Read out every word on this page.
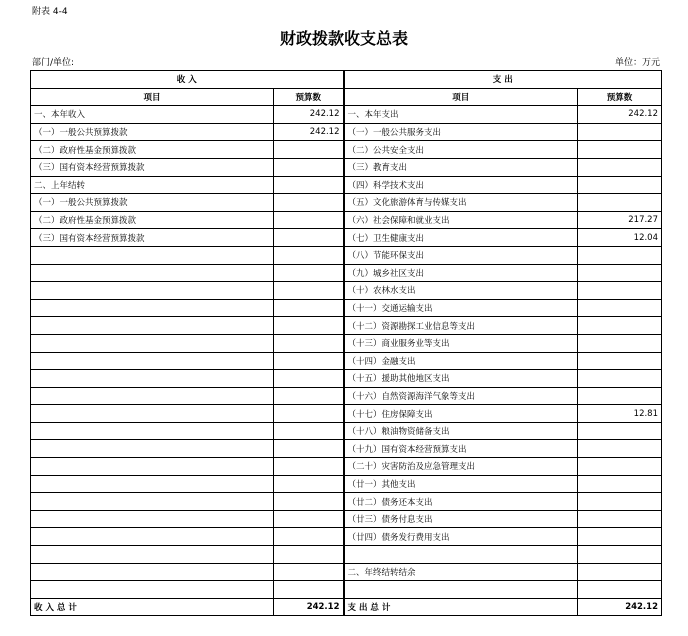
附表 4-4
财政拨款收支总表
部门/单位:	单位：万元
收 入		支 出	
项目	预算数	项目	预算数
一、本年收入	242.12	一、本年支出	242.12
（一）一般公共预算拨款	242.12	（一）一般公共服务支出	
（二）政府性基金预算拨款		（二）公共安全支出	
（三）国有资本经营预算拨款		（三）教育支出	
二、上年结转		（四）科学技术支出	
（一）一般公共预算拨款		（五）文化旅游体育与传媒支出	
（二）政府性基金预算拨款		（六）社会保障和就业支出	217.27
（三）国有资本经营预算拨款		（七）卫生健康支出	12.04
		（八）节能环保支出	
		（九）城乡社区支出	
		（十）农林水支出	
		（十一）交通运输支出	
		（十二）资源勘探工业信息等支出	
		（十三）商业服务业等支出	
		（十四）金融支出	
		（十五）援助其他地区支出	
		（十六）自然资源海洋气象等支出	
		（十七）住房保障支出	12.81
		（十八）粮油物资储备支出	
		（十九）国有资本经营预算支出	
		（二十）灾害防治及应急管理支出	
		（廿一）其他支出	
		（廿二）债务还本支出	
		（廿三）债务付息支出	
		（廿四）债务发行费用支出	

		二、年终结转结余	

收 入 总 计	242.12	支 出 总 计	242.12
